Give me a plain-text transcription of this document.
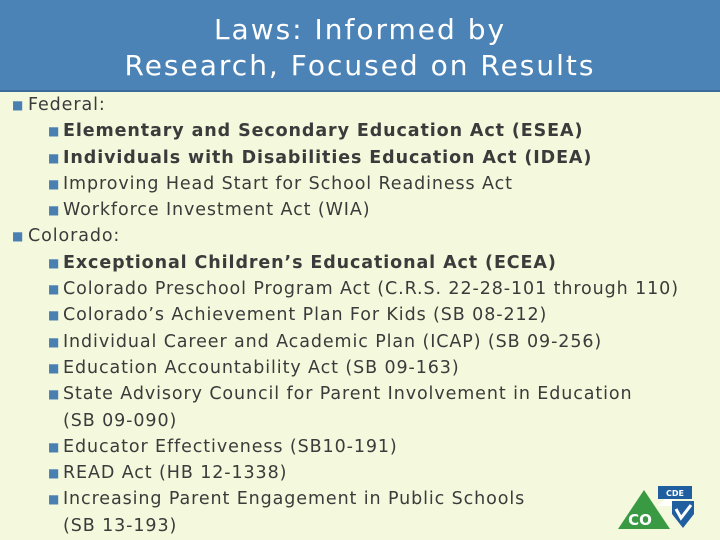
Laws: Informed by
Research, Focused on Results
■ Federal:
■ Elementary and Secondary Education Act (ESEA)
■ Individuals with Disabilities Education Act (IDEA)
■ Improving Head Start for School Readiness Act
■ Workforce Investment Act (WIA)
■ Colorado:
■ Exceptional Children’s Educational Act (ECEA)
■ Colorado Preschool Program Act (C.R.S. 22-28-101 through 110)
■ Colorado’s Achievement Plan For Kids (SB 08-212)
■ Individual Career and Academic Plan (ICAP) (SB 09-256)
■ Education Accountability Act (SB 09-163)
■ State Advisory Council for Parent Involvement in Education
(SB 09-090)
■ Educator Effectiveness (SB10-191)
■ READ Act (HB 12-1338)
■ Increasing Parent Engagement in Public Schools
(SB 13-193)
CDE
CO
